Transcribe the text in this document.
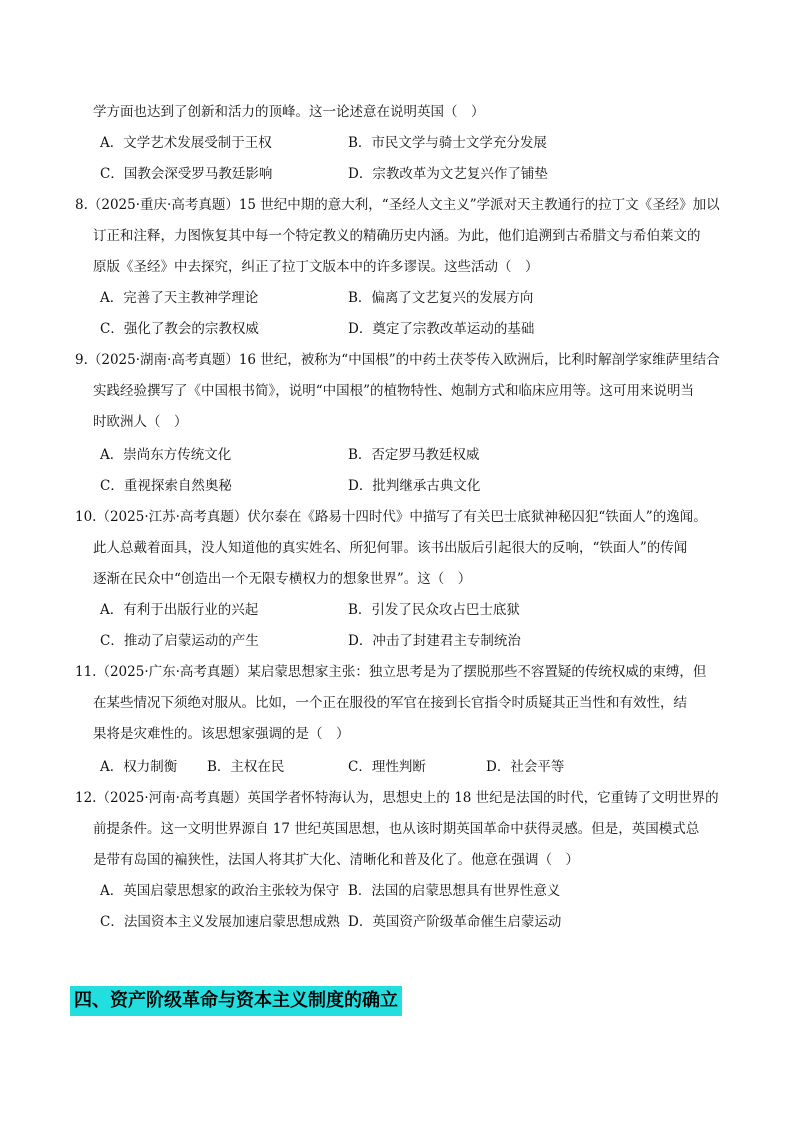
学方面也达到了创新和活力的顶峰。这一论述意在说明英国（　）
A．文学艺术发展受制于王权	B．市民文学与骑士文学充分发展
C．国教会深受罗马教廷影响	D．宗教改革为文艺复兴作了铺垫
8.（2025·重庆·高考真题）15 世纪中期的意大利，“圣经人文主义”学派对天主教通行的拉丁文《圣经》加以
订正和注释，力图恢复其中每一个特定教义的精确历史内涵。为此，他们追溯到古希腊文与希伯莱文的
原版《圣经》中去探究，纠正了拉丁文版本中的许多谬误。这些活动（　）
A．完善了天主教神学理论	B．偏离了文艺复兴的发展方向
C．强化了教会的宗教权威	D．奠定了宗教改革运动的基础
9.（2025·湖南·高考真题）16 世纪，被称为“中国根”的中药土茯苓传入欧洲后，比利时解剖学家维萨里结合
实践经验撰写了《中国根书简》，说明“中国根”的植物特性、炮制方式和临床应用等。这可用来说明当
时欧洲人（　）
A．崇尚东方传统文化	B．否定罗马教廷权威
C．重视探索自然奥秘	D．批判继承古典文化
10.（2025·江苏·高考真题）伏尔泰在《路易十四时代》中描写了有关巴士底狱神秘囚犯“铁面人”的逸闻。
此人总戴着面具，没人知道他的真实姓名、所犯何罪。该书出版后引起很大的反响，“铁面人”的传闻
逐渐在民众中“创造出一个无限专横权力的想象世界”。这（　）
A．有利于出版行业的兴起	B．引发了民众攻占巴士底狱
C．推动了启蒙运动的产生	D．冲击了封建君主专制统治
11.（2025·广东·高考真题）某启蒙思想家主张：独立思考是为了摆脱那些不容置疑的传统权威的束缚，但
在某些情况下须绝对服从。比如，一个正在服役的军官在接到长官指令时质疑其正当性和有效性，结
果将是灾难性的。该思想家强调的是（　）
A．权力制衡 B．主权在民	C．理性判断	D．社会平等
12.（2025·河南·高考真题）英国学者怀特海认为，思想史上的 18 世纪是法国的时代，它重铸了文明世界的
前提条件。这一文明世界源自 17 世纪英国思想，也从该时期英国革命中获得灵感。但是，英国模式总
是带有岛国的褊狭性，法国人将其扩大化、清晰化和普及化了。他意在强调（　）
A．英国启蒙思想家的政治主张较为保守 B．法国的启蒙思想具有世界性意义
C．法国资本主义发展加速启蒙思想成熟 D．英国资产阶级革命催生启蒙运动
四、资产阶级革命与资本主义制度的确立
